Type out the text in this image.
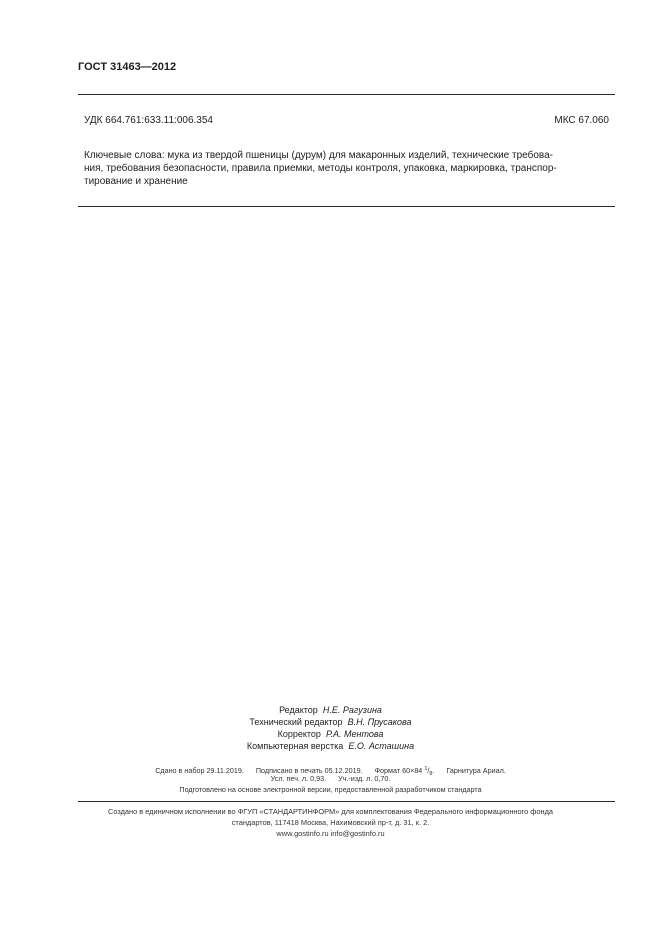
ГОСТ 31463—2012
УДК 664.761:633.11:006.354	МКС 67.060
Ключевые слова: мука из твердой пшеницы (дурум) для макаронных изделий, технические требова-
ния, требования безопасности, правила приемки, методы контроля, упаковка, маркировка, транспор-
тирование и хранение
Редактор Н.Е. Рагузина
Технический редактор В.Н. Прусакова
Корректор Р.А. Ментова
Компьютерная верстка Е.О. Асташина
Сдано в набор 29.11.2019. Подписано в печать 05.12.2019. Формат 60×84 $^1/_8$. Гарнитура Ариал.
Усл. печ. л. 0,93. Уч.-изд. л. 0,70.
Подготовлено на основе электронной версии, предоставленной разработчиком стандарта
Создано в единичном исполнении во ФГУП «СТАНДАРТИНФОРМ» для комплектования Федерального информационного фонда
стандартов, 117418 Москва, Нахимовский пр-т, д. 31, к. 2.
www.gostinfo.ru info@gostinfo.ru
